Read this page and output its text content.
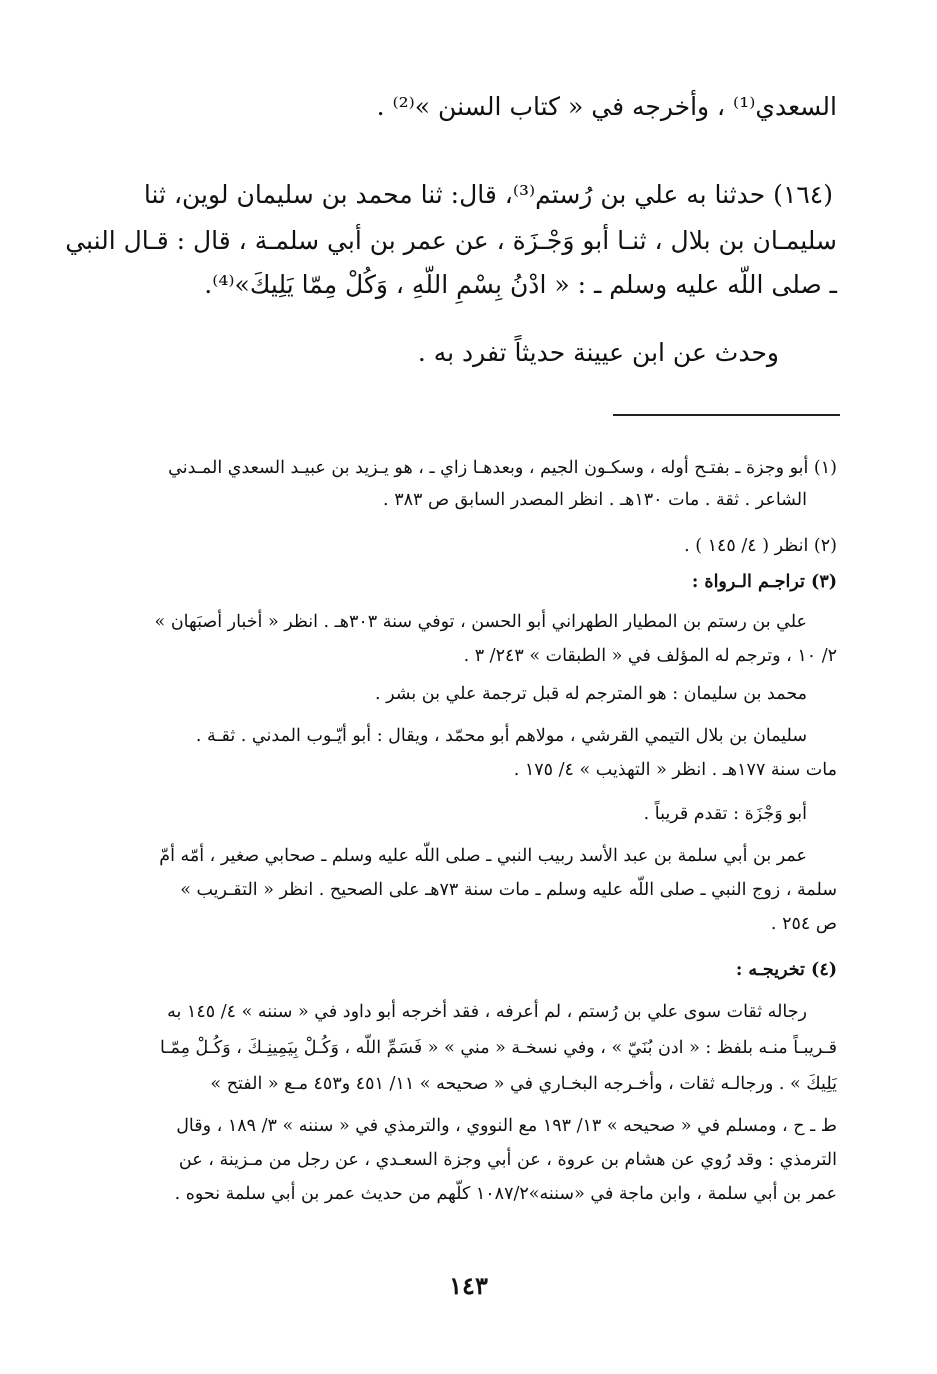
السعدي⁽¹⁾ ، وأخرجه في « كتاب السنن »⁽²⁾ .
(١٦٤) حدثنا به علي بن رُستم⁽³⁾، قال: ثنا محمد بن سليمان لوين، ثنا
سليمـان بن بلال ، ثنـا أبو وَجْـزَة ، عن عمر بن أبي سلمـة ، قال : قـال النبي
ـ صلى اللّه عليه وسلم ـ : « ادْنُ بِسْمِ اللّهِ ، وَكُلْ مِمّا يَلِيكَ»⁽⁴⁾.
وحدث عن ابن عيينة حديثاً تفرد به .
(١) أبو وجزة ـ بفتـح أوله ، وسكـون الجيم ، وبعدهـا زاي ـ ، هو يـزيد بن عبيـد السعدي المـدني
الشاعر . ثقة . مات ١٣٠هـ . انظر المصدر السابق ص ٣٨٣ .
(٢) انظر ( ٤/ ١٤٥ ) .
(٣) تراجـم الـرواة :
علي بن رستم بن المطيار الطهراني أبو الحسن ، توفي سنة ٣٠٣هـ . انظر « أخبار أصبَهان »
٢/ ١٠ ، وترجم له المؤلف في « الطبقات » ٢٤٣/ ٣ .
محمد بن سليمان : هو المترجم له قبل ترجمة علي بن بشر .
سليمان بن بلال التيمي القرشي ، مولاهم أبو محمّد ، ويقال : أبو أيّـوب المدني . ثقـة .
مات سنة ١٧٧هـ . انظر « التهذيب » ٤/ ١٧٥ .
أبو وَجْزَة : تقدم قريباً .
عمر بن أبي سلمة بن عبد الأسد ربيب النبي ـ صلى اللّه عليه وسلم ـ صحابي صغير ، أمّه أمّ
سلمة ، زوج النبي ـ صلى اللّه عليه وسلم ـ مات سنة ٧٣هـ على الصحيح . انظر « التقـريب »
ص ٢٥٤ .
(٤) تخريجـه :
رجاله ثقات سوى علي بن رُستم ، لم أعرفه ، فقد أخرجه أبو داود في « سننه » ٤/ ١٤٥ به
قـريبـاً منـه بلفظ : « ادن بُنَيّ » ، وفي نسخـة « مني » « فَسَمِّ اللّه ، وَكُـلْ بِيَمِينِـكَ ، وَكُـلْ مِمّـا
يَلِيكَ » . ورجالـه ثقات ، وأخـرجه البخـاري في « صحيحه » ١١/ ٤٥١ و٤٥٣ مـع « الفتح »
ط ـ ح ، ومسلم في « صحيحه » ١٣/ ١٩٣ مع النووي ، والترمذي في « سننه » ٣/ ١٨٩ ، وقال
الترمذي : وقد رُوي عن هشام بن عروة ، عن أبي وجزة السعـدي ، عن رجل من مـزينة ، عن
عمر بن أبي سلمة ، وابن ماجة في «سننه»١٠٨٧/٢ كلّهم من حديث عمر بن أبي سلمة نحوه .
١٤٣
